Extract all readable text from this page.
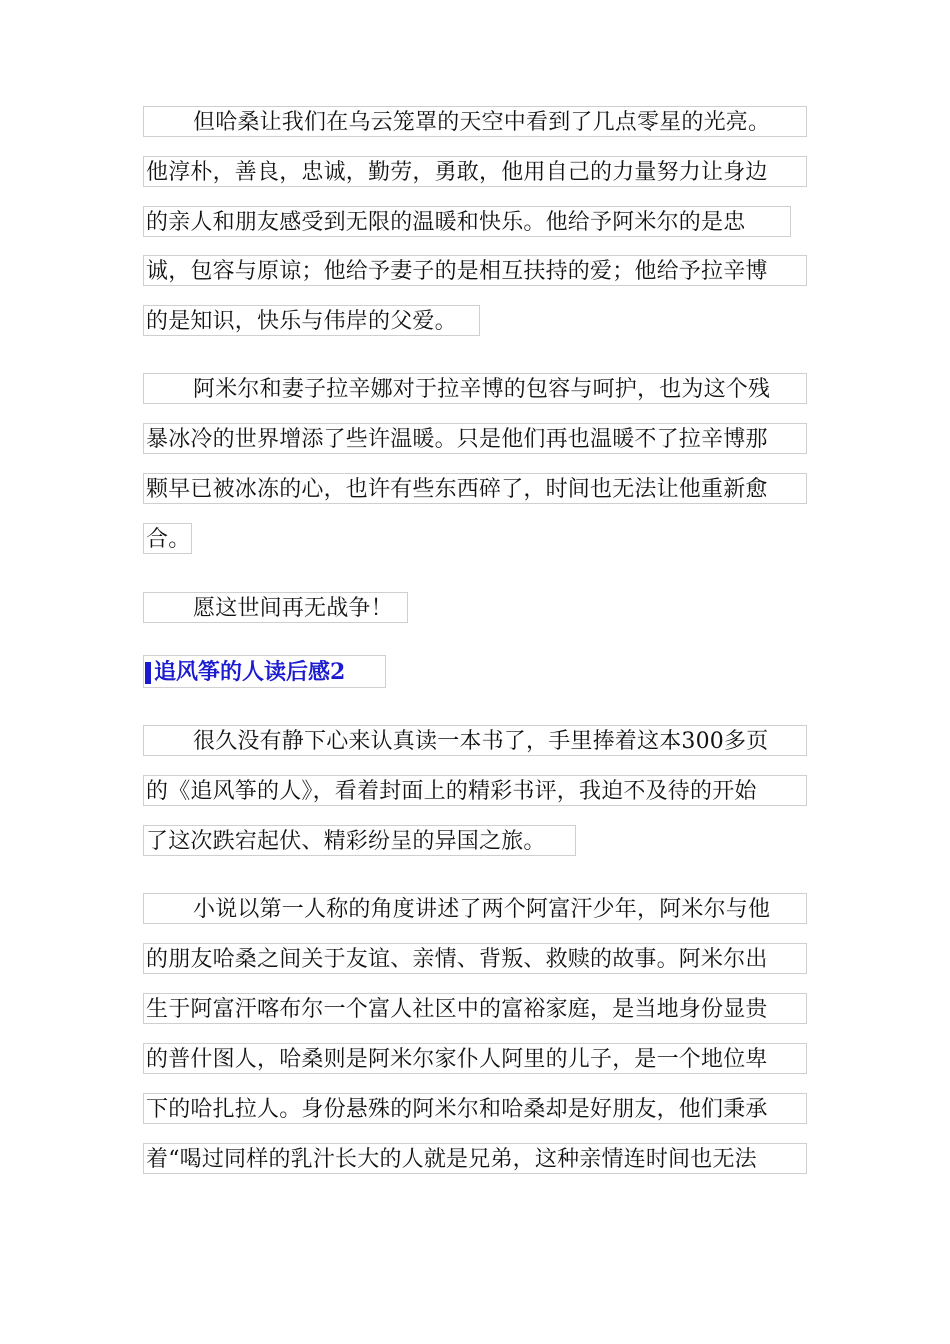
但哈桑让我们在乌云笼罩的天空中看到了几点零星的光亮。
他淳朴，善良，忠诚，勤劳，勇敢，他用自己的力量努力让身边
的亲人和朋友感受到无限的温暖和快乐。他给予阿米尔的是忠
诚，包容与原谅；他给予妻子的是相互扶持的爱；他给予拉辛博
的是知识，快乐与伟岸的父爱。
阿米尔和妻子拉辛娜对于拉辛博的包容与呵护，也为这个残
暴冰冷的世界增添了些许温暖。只是他们再也温暖不了拉辛博那
颗早已被冰冻的心，也许有些东西碎了，时间也无法让他重新愈
合。
愿这世间再无战争！
追风筝的人读后感2
很久没有静下心来认真读一本书了，手里捧着这本300多页
的《追风筝的人》，看着封面上的精彩书评，我迫不及待的开始
了这次跌宕起伏、精彩纷呈的异国之旅。
小说以第一人称的角度讲述了两个阿富汗少年，阿米尔与他
的朋友哈桑之间关于友谊、亲情、背叛、救赎的故事。阿米尔出
生于阿富汗喀布尔一个富人社区中的富裕家庭，是当地身份显贵
的普什图人，哈桑则是阿米尔家仆人阿里的儿子，是一个地位卑
下的哈扎拉人。身份悬殊的阿米尔和哈桑却是好朋友，他们秉承
着“喝过同样的乳汁长大的人就是兄弟，这种亲情连时间也无法
